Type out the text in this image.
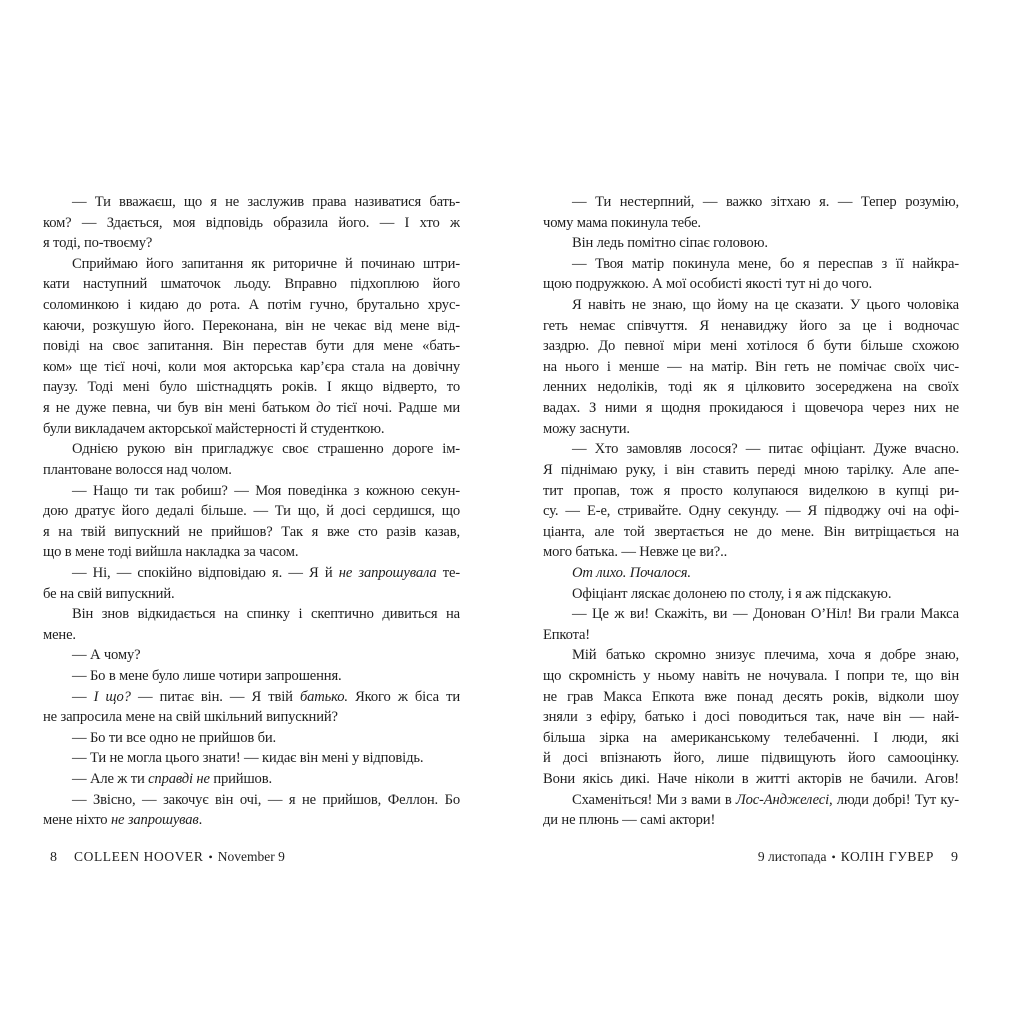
— Ти вважаєш, що я не заслужив права називатися бать-
ком? — Здається, моя відповідь образила його. — І хто ж
я тоді, по-твоєму?
Сприймаю його запитання як риторичне й починаю штри-
кати наступний шматочок льоду. Вправно підхоплюю його
соломинкою і кидаю до рота. А потім гучно, брутально хрус-
каючи, розкушую його. Переконана, він не чекає від мене від-
повіді на своє запитання. Він перестав бути для мене «бать-
ком» ще тієї ночі, коли моя акторська кар’єра стала на довічну
паузу. Тоді мені було шістнадцять років. І якщо відверто, то
я не дуже певна, чи був він мені батьком до тієї ночі. Радше ми
були викладачем акторської майстерності й студенткою.
Однією рукою він пригладжує своє страшенно дороге ім-
плантоване волосся над чолом.
— Нащо ти так робиш? — Моя поведінка з кожною секун-
дою дратує його дедалі більше. — Ти що, й досі сердишся, що
я на твій випускний не прийшов? Так я вже сто разів казав,
що в мене тоді вийшла накладка за часом.
— Ні, — спокійно відповідаю я. — Я й не запрошувала те-
бе на свій випускний.
Він знов відкидається на спинку і скептично дивиться на
мене.
— А чому?
— Бо в мене було лише чотири запрошення.
— І що? — питає він. — Я твій батько. Якого ж біса ти
не запросила мене на свій шкільний випускний?
— Бо ти все одно не прийшов би.
— Ти не могла цього знати! — кидає він мені у відповідь.
— Але ж ти справді не прийшов.
— Звісно, — закочує він очі, — я не прийшов, Феллон. Бо
мене ніхто не запрошував.
— Ти нестерпний, — важко зітхаю я. — Тепер розумію,
чому мама покинула тебе.
Він ледь помітно сіпає головою.
— Твоя матір покинула мене, бо я переспав з її найкра-
щою подружкою. А мої особисті якості тут ні до чого.
Я навіть не знаю, що йому на це сказати. У цього чоловіка
геть немає співчуття. Я ненавиджу його за це і водночас
заздрю. До певної міри мені хотілося б бути більше схожою
на нього і менше — на матір. Він геть не помічає своїх чис-
ленних недоліків, тоді як я цілковито зосереджена на своїх
вадах. З ними я щодня прокидаюся і щовечора через них не
можу заснути.
— Хто замовляв лосося? — питає офіціант. Дуже вчасно.
Я піднімаю руку, і він ставить переді мною тарілку. Але апе-
тит пропав, тож я просто колупаюся виделкою в купці ри-
су. — Е-е, стривайте. Одну секунду. — Я підводжу очі на офі-
ціанта, але той звертається не до мене. Він витріщається на
мого батька. — Невже це ви?..
От лихо. Почалося.
Офіціант ляскає долонею по столу, і я аж підскакую.
— Це ж ви! Скажіть, ви — Донован О’Ніл! Ви грали Макса
Епкота!
Мій батько скромно знизує плечима, хоча я добре знаю,
що скромність у ньому навіть не ночувала. І попри те, що він
не грав Макса Епкота вже понад десять років, відколи шоу
зняли з ефіру, батько і досі поводиться так, наче він — най-
більша зірка на американському телебаченні. І люди, які
й досі впізнають його, лише підвищують його самооцінку.
Вони якісь дикі. Наче ніколи в житті акторів не бачили. Агов!
Схаменіться! Ми з вами в Лос-Анджелесі, люди добрі! Тут ку-
ди не плюнь — самі актори!
8 COLLEEN HOOVER • November 9	9 листопада • КОЛІН ГУВЕР 9
